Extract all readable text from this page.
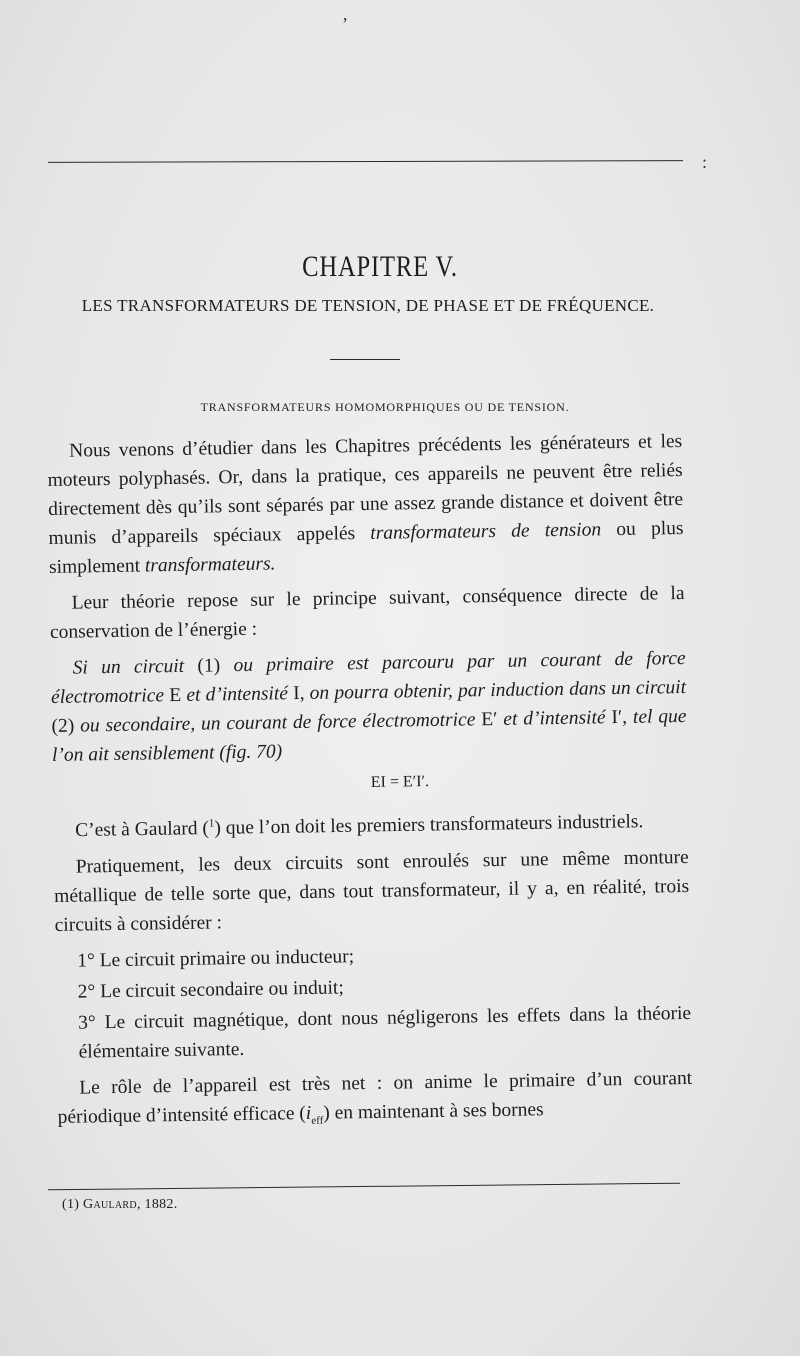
’
:
CHAPITRE V.
LES TRANSFORMATEURS DE TENSION, DE PHASE ET DE FRÉQUENCE.
TRANSFORMATEURS HOMOMORPHIQUES OU DE TENSION.

Nous venons d’étudier dans les Chapitres précédents les générateurs et les moteurs polyphasés. Or, dans la pratique, ces appareils ne peuvent être reliés directement dès qu’ils sont séparés par une assez grande distance et doivent être munis d’appareils spéciaux appelés transformateurs de tension ou plus simplement transformateurs.

Leur théorie repose sur le principe suivant, conséquence directe de la conservation de l’énergie :

Si un circuit (1) ou primaire est parcouru par un courant de force électromotrice E et d’intensité I, on pourra obtenir, par induction dans un circuit (2) ou secondaire, un courant de force électromotrice E′ et d’intensité I′, tel que l’on ait sensiblement (fig. 70)

EI = E′I′.

C’est à Gaulard ($^1$) que l’on doit les premiers transformateurs industriels.

Pratiquement, les deux circuits sont enroulés sur une même monture métallique de telle sorte que, dans tout transformateur, il y a, en réalité, trois circuits à considérer :

1° Le circuit primaire ou inducteur;

2° Le circuit secondaire ou induit;

3° Le circuit magnétique, dont nous négligerons les effets dans la théorie élémentaire suivante.

Le rôle de l’appareil est très net : on anime le primaire d’un courant périodique d’intensité efficace $(i_{eff})$ en maintenant à ses bornes

(1) Gaulard, 1882.
